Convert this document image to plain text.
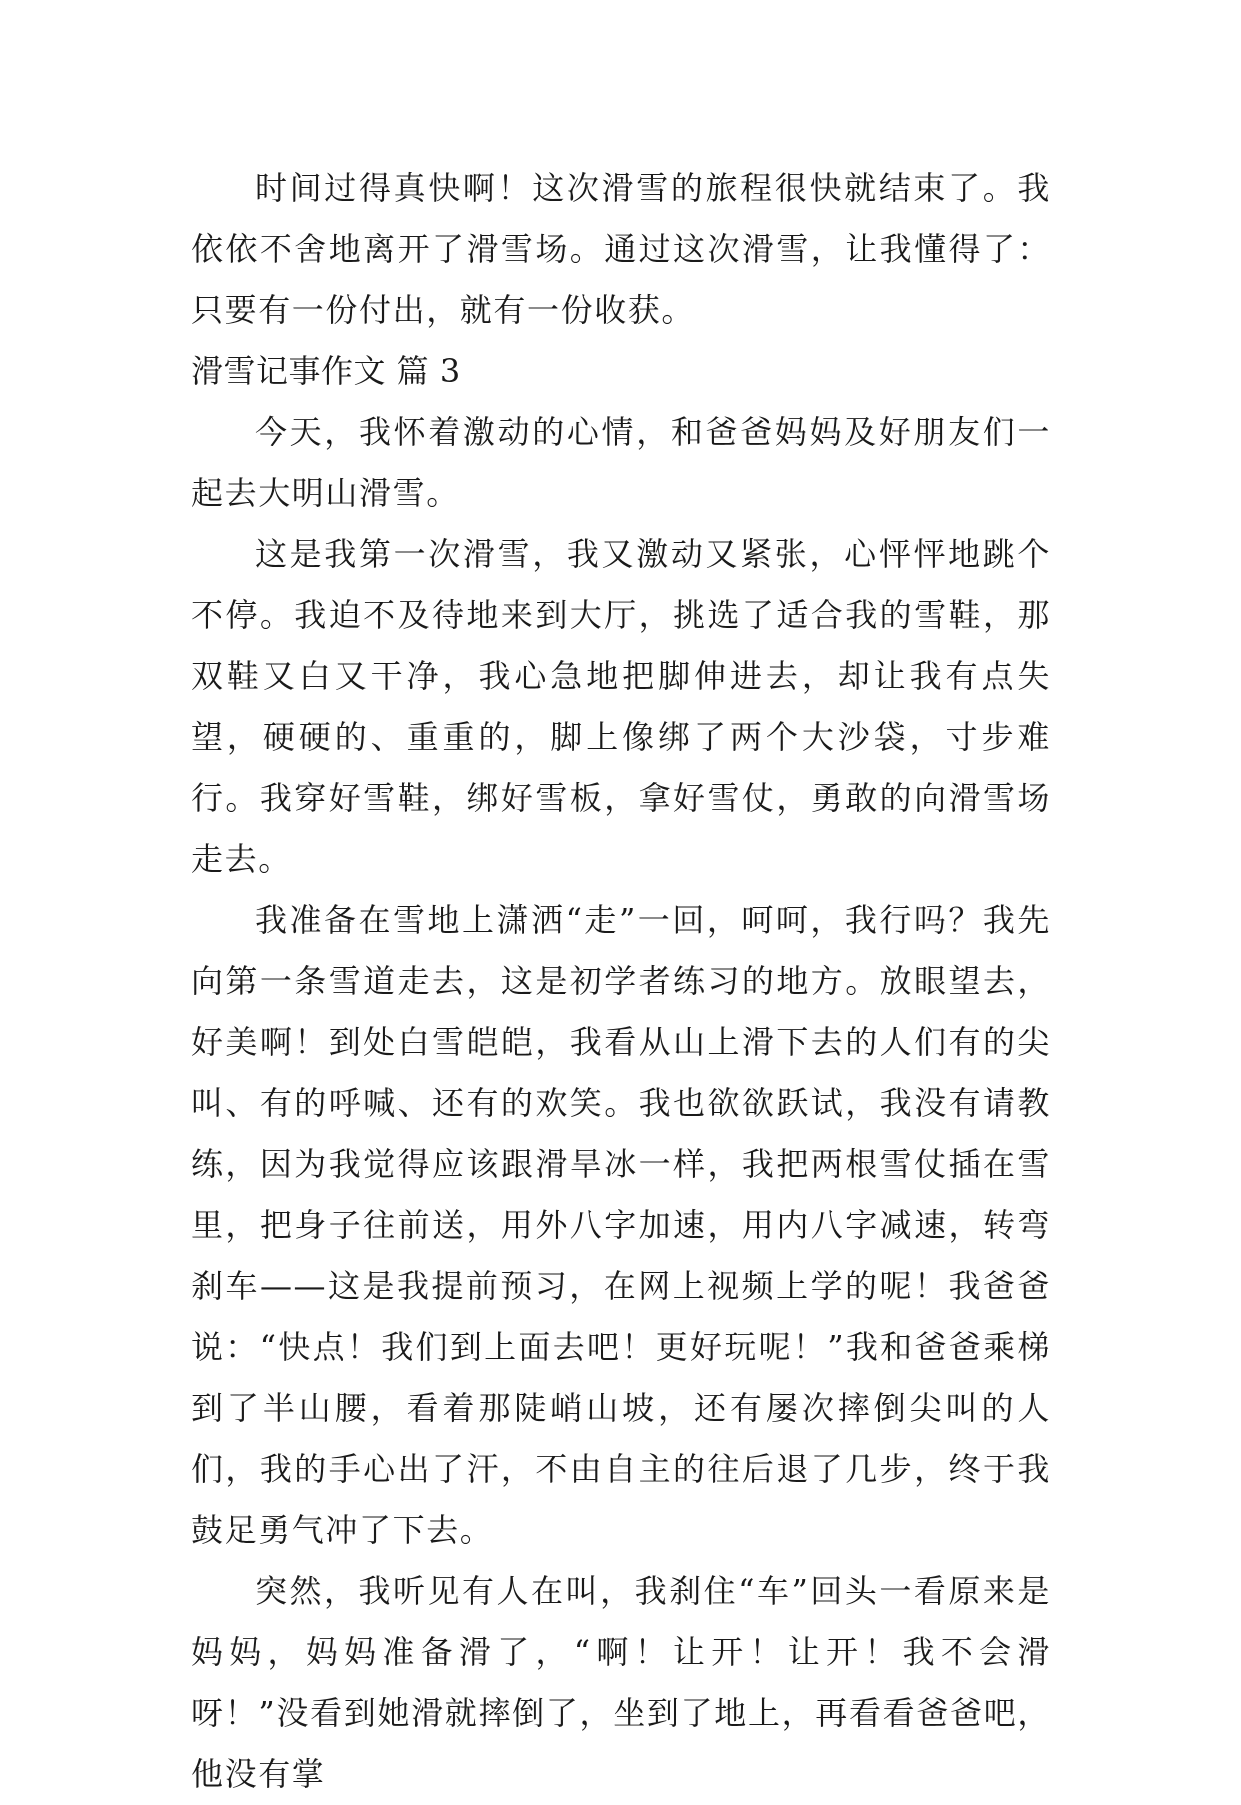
时间过得真快啊！这次滑雪的旅程很快就结束了。我依依不舍地离开了滑雪场。通过这次滑雪，让我懂得了：只要有一份付出，就有一份收获。

滑雪记事作文 篇 3

今天，我怀着激动的心情，和爸爸妈妈及好朋友们一起去大明山滑雪。

这是我第一次滑雪，我又激动又紧张，心怦怦地跳个不停。我迫不及待地来到大厅，挑选了适合我的雪鞋，那双鞋又白又干净，我心急地把脚伸进去，却让我有点失望，硬硬的、重重的，脚上像绑了两个大沙袋，寸步难行。我穿好雪鞋，绑好雪板，拿好雪仗，勇敢的向滑雪场走去。

我准备在雪地上潇洒“走”一回，呵呵，我行吗？我先向第一条雪道走去，这是初学者练习的地方。放眼望去，好美啊！到处白雪皑皑，我看从山上滑下去的人们有的尖叫、有的呼喊、还有的欢笑。我也欲欲跃试，我没有请教练，因为我觉得应该跟滑旱冰一样，我把两根雪仗插在雪里，把身子往前送，用外八字加速，用内八字减速，转弯刹车——这是我提前预习，在网上视频上学的呢！我爸爸说：“快点！我们到上面去吧！更好玩呢！”我和爸爸乘梯到了半山腰，看着那陡峭山坡，还有屡次摔倒尖叫的人们，我的手心出了汗，不由自主的往后退了几步，终于我鼓足勇气冲了下去。

突然，我听见有人在叫，我刹住“车”回头一看原来是妈妈，妈妈准备滑了，“啊！让开！让开！我不会滑呀！”没看到她滑就摔倒了，坐到了地上，再看看爸爸吧，他没有掌
